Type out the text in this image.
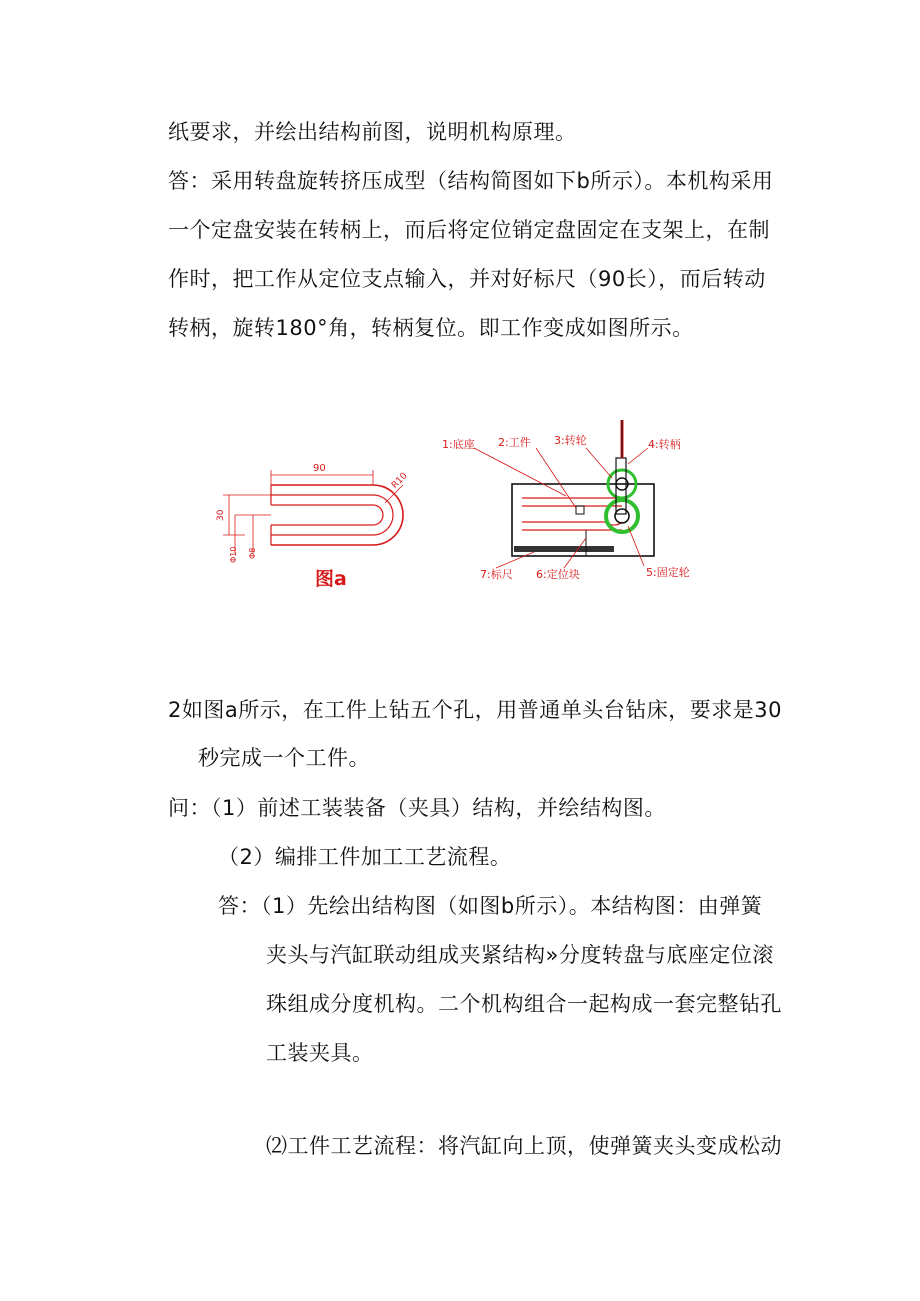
纸要求，并绘出结构前图，说明机构原理。
答：采用转盘旋转挤压成型（结构简图如下b所示）。本机构采用
一个定盘安装在转柄上，而后将定位销定盘固定在支架上，在制
作时，把工作从定位支点输入，并对好标尺（90长），而后转动
转柄，旋转180°角，转柄复位。即工作变成如图所示。
90
R10
30
Φ10 Φ8
图a
1:底座 2:工件 3:转轮	4:转柄
5:固定轮
6:定位块
7:标尺
2如图a所示，在工件上钻五个孔，用普通单头台钻床，要求是30
秒完成一个工件。
问：（1）前述工装装备（夹具）结构，并绘结构图。
（2）编排工件加工工艺流程。
答：（1）先绘出结构图（如图b所示）。本结构图：由弹簧
夹头与汽缸联动组成夹紧结构»分度转盘与底座定位滚
珠组成分度机构。二个机构组合一起构成一套完整钻孔
工装夹具。
⑵工件工艺流程：将汽缸向上顶，使弹簧夹头变成松动
